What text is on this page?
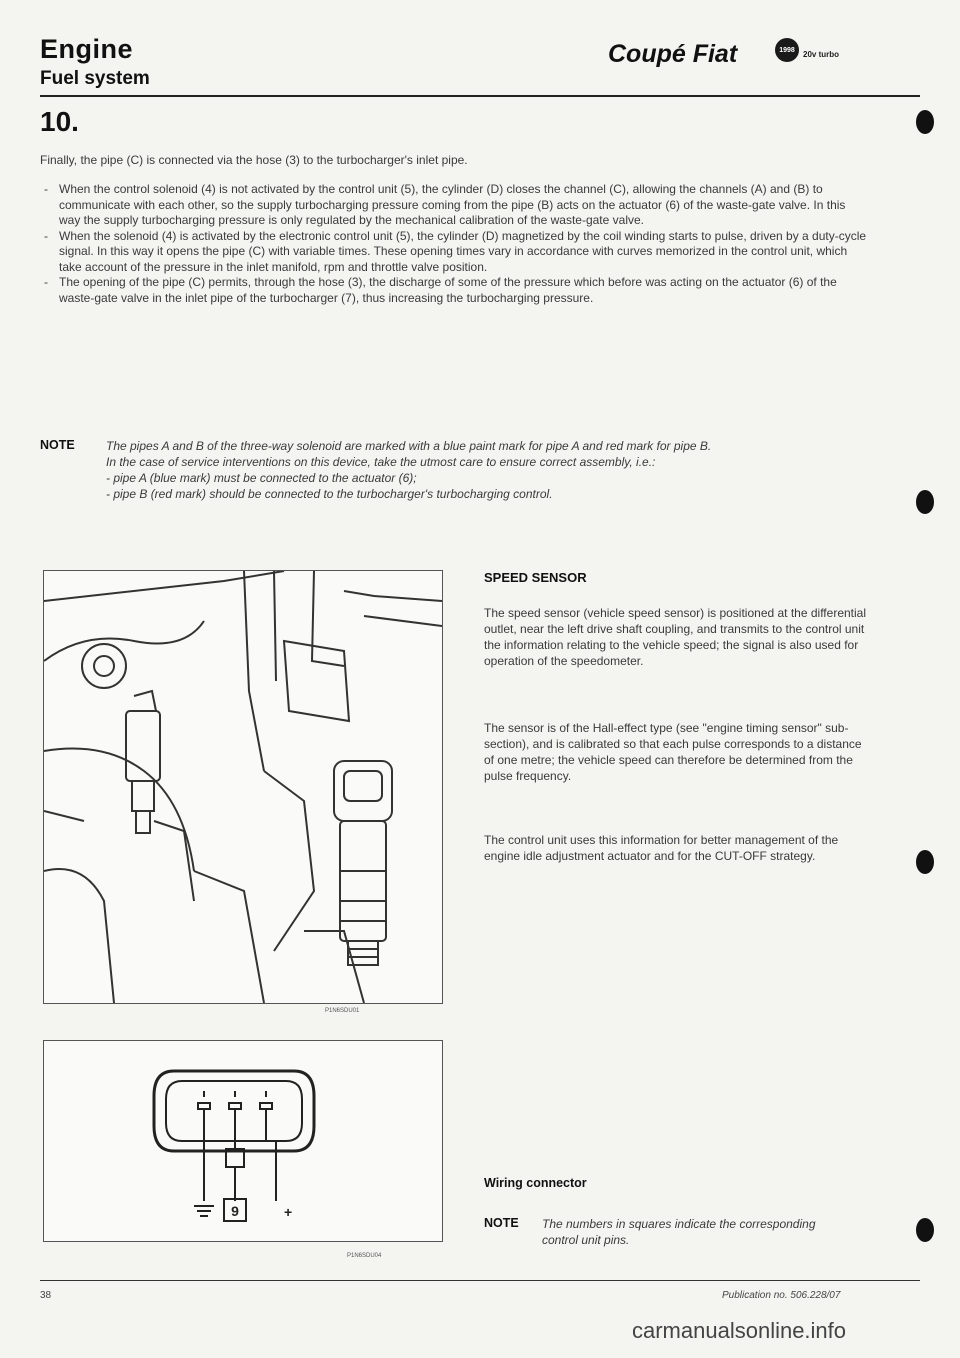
Engine
Fuel system
Coupé Fiat	1998 20v turbo
10.

Finally, the pipe (C) is connected via the hose (3) to the turbocharger's inlet pipe.

- When the control solenoid (4) is not activated by the control unit (5), the cylinder (D) closes the channel (C), allowing the channels (A) and (B) to communicate with each other, so the supply turbocharging pressure coming from the pipe (B) acts on the actuator (6) of the waste-gate valve. In this way the supply turbocharging pressure is only regulated by the mechanical calibration of the waste-gate valve.
- When the solenoid (4) is activated by the electronic control unit (5), the cylinder (D) magnetized by the coil winding starts to pulse, driven by a duty-cycle signal. In this way it opens the pipe (C) with variable times. These opening times vary in accordance with curves memorized in the control unit, which take account of the pressure in the inlet manifold, rpm and throttle valve position.
- The opening of the pipe (C) permits, through the hose (3), the discharge of some of the pressure which before was acting on the actuator (6) of the waste-gate valve in the inlet pipe of the turbocharger (7), thus increasing the turbocharging pressure.
NOTE	The pipes A and B of the three-way solenoid are marked with a blue paint mark for pipe A and red mark for pipe B.

In the case of service interventions on this device, take the utmost care to ensure correct assembly, i.e.:

- pipe A (blue mark) must be connected to the actuator (6);

- pipe B (red mark) should be connected to the turbocharger's turbocharging control.

P1N6SDU01
9	+
P1N6SDU04
SPEED SENSOR

The speed sensor (vehicle speed sensor) is positioned at the differential outlet, near the left drive shaft coupling, and transmits to the control unit the information relating to the vehicle speed; the signal is also used for operation of the speedometer.

The sensor is of the Hall-effect type (see "engine timing sensor" sub-section), and is calibrated so that each pulse corresponds to a distance of one metre; the vehicle speed can therefore be determined from the pulse frequency.

The control unit uses this information for better management of the engine idle adjustment actuator and for the CUT-OFF strategy.

Wiring connector
NOTE The numbers in squares indicate the corresponding control unit pins.
38	Publication no. 506.228/07
carmanualsonline.info
